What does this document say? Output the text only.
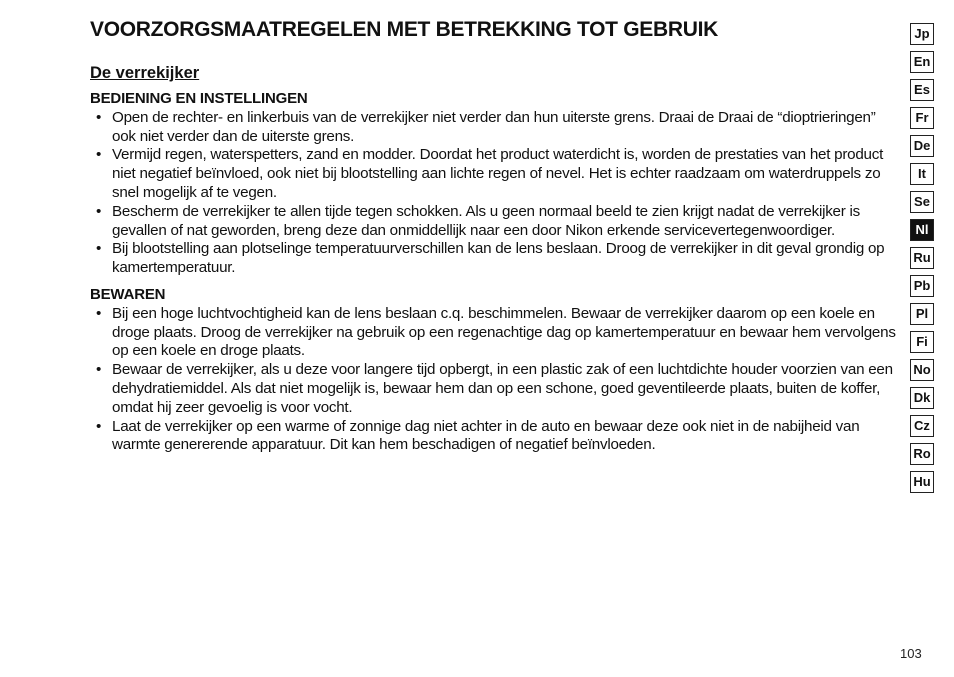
VOORZORGSMAATREGELEN MET BETREKKING TOT GEBRUIK
De verrekijker
BEDIENING EN INSTELLINGEN
• Open de rechter- en linkerbuis van de verrekijker niet verder dan hun uiterste grens. Draai de Draai de “dioptrieringen” ook niet verder dan de uiterste grens.
• Vermijd regen, waterspetters, zand en modder. Doordat het product waterdicht is, worden de prestaties van het product niet negatief beïnvloed, ook niet bij blootstelling aan lichte regen of nevel. Het is echter raadzaam om waterdruppels zo snel mogelijk af te vegen.
• Bescherm de verrekijker te allen tijde tegen schokken. Als u geen normaal beeld te zien krijgt nadat de verrekijker is gevallen of nat geworden, breng deze dan onmiddellijk naar een door Nikon erkende servicevertegenwoordiger.
• Bij blootstelling aan plotselinge temperatuurverschillen kan de lens beslaan. Droog de verrekijker in dit geval grondig op kamertemperatuur.
BEWAREN
• Bij een hoge luchtvochtigheid kan de lens beslaan c.q. beschimmelen. Bewaar de verrekijker daarom op een koele en droge plaats. Droog de verrekijker na gebruik op een regenachtige dag op kamertemperatuur en bewaar hem vervolgens op een koele en droge plaats.
• Bewaar de verrekijker, als u deze voor langere tijd opbergt, in een plastic zak of een luchtdichte houder voorzien van een dehydratiemiddel. Als dat niet mogelijk is, bewaar hem dan op een schone, goed geventileerde plaats, buiten de koffer, omdat hij zeer gevoelig is voor vocht.
• Laat de verrekijker op een warme of zonnige dag niet achter in de auto en bewaar deze ook niet in de nabijheid van warmte genererende apparatuur. Dit kan hem beschadigen of negatief beïnvloeden.
Jp
En
Es
Fr
De
It
Se
Nl
Ru
Pb
Pl
Fi
No
Dk
Cz
Ro
Hu
103
